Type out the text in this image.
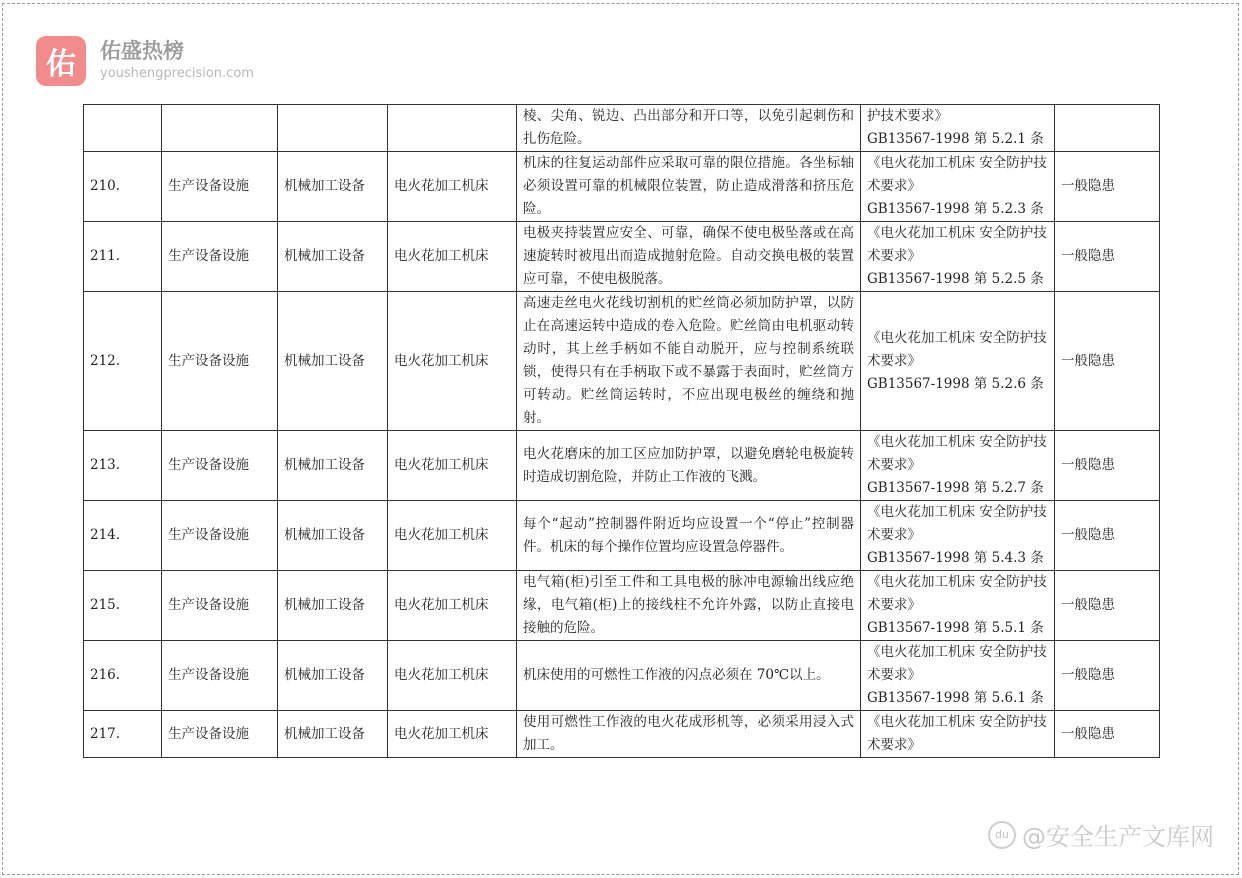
佑	佑盛热榜
youshengprecision.com
				棱、尖角、锐边、凸出部分和开口等，以免引起刺伤和扎伤危险。	护技术要求》
GB13567-1998 第 5.2.1 条	
210.	生产设备设施	机械加工设备	电火花加工机床	机床的往复运动部件应采取可靠的限位措施。各坐标轴必须设置可靠的机械限位装置，防止造成滑落和挤压危险。	《电火花加工机床 安全防护技术要求》
GB13567-1998 第 5.2.3 条	一般隐患
211.	生产设备设施	机械加工设备	电火花加工机床	电极夹持装置应安全、可靠，确保不使电极坠落或在高速旋转时被甩出而造成抛射危险。自动交换电极的装置应可靠，不使电极脱落。	《电火花加工机床 安全防护技术要求》
GB13567-1998 第 5.2.5 条	一般隐患
212.	生产设备设施	机械加工设备	电火花加工机床	高速走丝电火花线切割机的贮丝筒必须加防护罩，以防止在高速运转中造成的卷入危险。贮丝筒由电机驱动转动时，其上丝手柄如不能自动脱开，应与控制系统联锁，使得只有在手柄取下或不暴露于表面时，贮丝筒方可转动。贮丝筒运转时，不应出现电极丝的缠绕和抛射。	《电火花加工机床 安全防护技术要求》
GB13567-1998 第 5.2.6 条	一般隐患
213.	生产设备设施	机械加工设备	电火花加工机床	电火花磨床的加工区应加防护罩，以避免磨轮电极旋转时造成切割危险，并防止工作液的飞溅。	《电火花加工机床 安全防护技术要求》
GB13567-1998 第 5.2.7 条	一般隐患
214.	生产设备设施	机械加工设备	电火花加工机床	每个“起动”控制器件附近均应设置一个“停止”控制器件。机床的每个操作位置均应设置急停器件。	《电火花加工机床 安全防护技术要求》
GB13567-1998 第 5.4.3 条	一般隐患
215.	生产设备设施	机械加工设备	电火花加工机床	电气箱(柜)引至工件和工具电极的脉冲电源输出线应绝缘，电气箱(柜)上的接线柱不允许外露，以防止直接电接触的危险。	《电火花加工机床 安全防护技术要求》
GB13567-1998 第 5.5.1 条	一般隐患
216.	生产设备设施	机械加工设备	电火花加工机床	机床使用的可燃性工作液的闪点必须在 70℃以上。	《电火花加工机床 安全防护技术要求》
GB13567-1998 第 5.6.1 条	一般隐患
217.	生产设备设施	机械加工设备	电火花加工机床	使用可燃性工作液的电火花成形机等，必须采用浸入式加工。	《电火花加工机床 安全防护技术要求》	一般隐患
du @安全生产文库网
